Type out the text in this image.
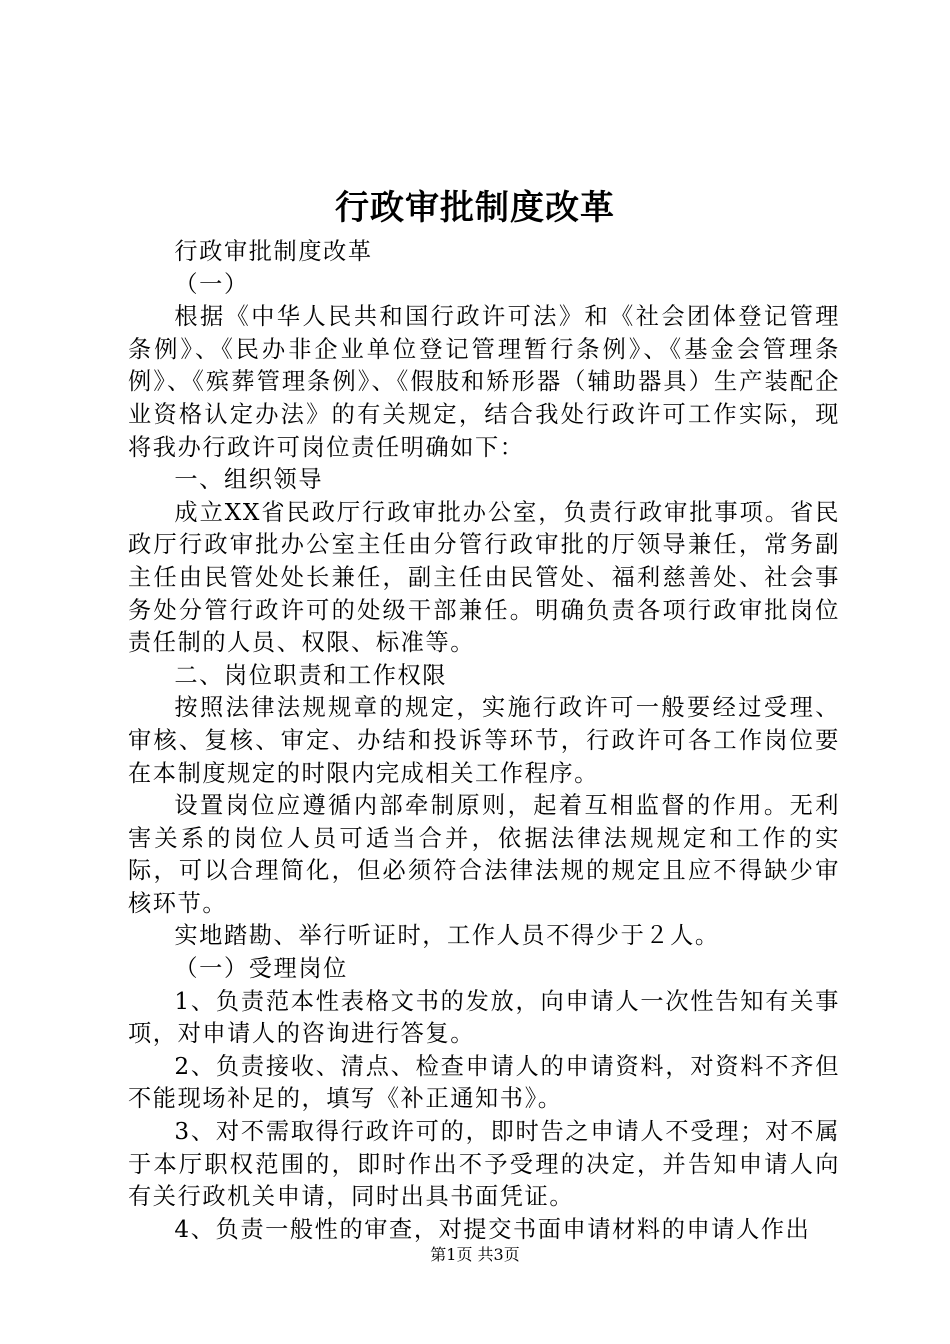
行政审批制度改革

行政审批制度改革

（一）

根据《中华人民共和国行政许可法》和《社会团体登记管理条例》、《民办非企业单位登记管理暂行条例》、《基金会管理条例》、《殡葬管理条例》、《假肢和矫形器（辅助器具）生产装配企业资格认定办法》的有关规定，结合我处行政许可工作实际，现将我办行政许可岗位责任明确如下：

一、组织领导

成立XX省民政厅行政审批办公室，负责行政审批事项。省民政厅行政审批办公室主任由分管行政审批的厅领导兼任，常务副主任由民管处处长兼任，副主任由民管处、福利慈善处、社会事务处分管行政许可的处级干部兼任。明确负责各项行政审批岗位责任制的人员、权限、标准等。

二、岗位职责和工作权限

按照法律法规规章的规定，实施行政许可一般要经过受理、审核、复核、审定、办结和投诉等环节，行政许可各工作岗位要在本制度规定的时限内完成相关工作程序。

设置岗位应遵循内部牵制原则，起着互相监督的作用。无利害关系的岗位人员可适当合并，依据法律法规规定和工作的实际，可以合理简化，但必须符合法律法规的规定且应不得缺少审核环节。

实地踏勘、举行听证时，工作人员不得少于２人。

（一）受理岗位

1、负责范本性表格文书的发放，向申请人一次性告知有关事项，对申请人的咨询进行答复。

2、负责接收、清点、检查申请人的申请资料，对资料不齐但不能现场补足的，填写《补正通知书》。

3、对不需取得行政许可的，即时告之申请人不受理；对不属于本厅职权范围的，即时作出不予受理的决定，并告知申请人向有关行政机关申请，同时出具书面凭证。

4、负责一般性的审查，对提交书面申请材料的申请人作出

第1页 共3页
